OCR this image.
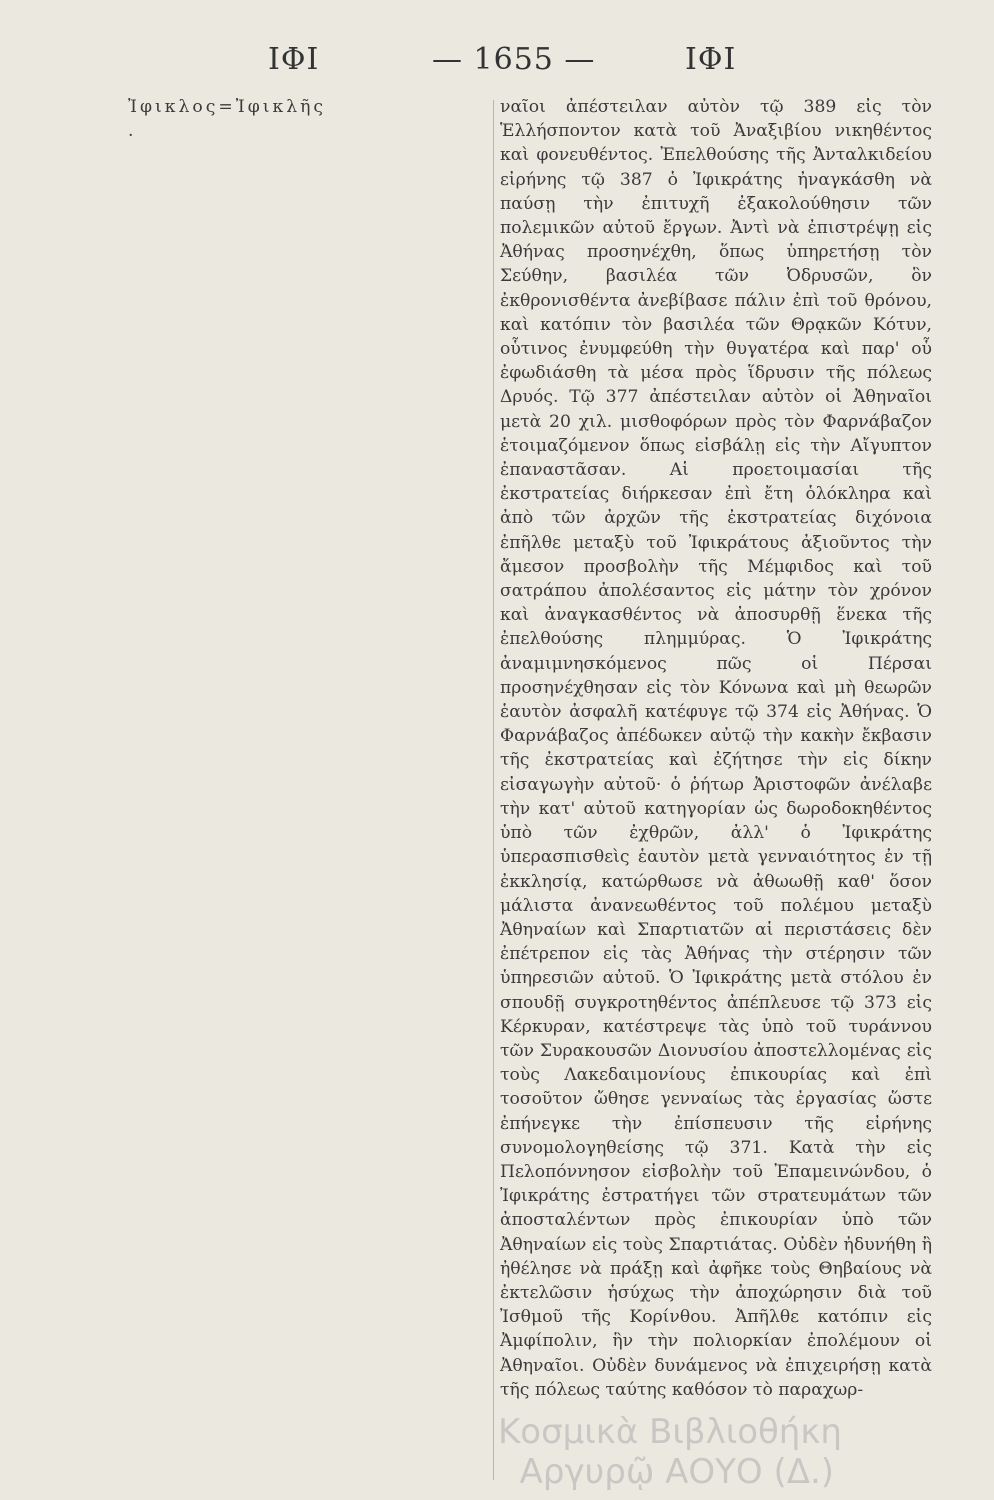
ΙΦΙ	— 1655 —	ΙΦΙ

Ἰφικλος=Ἰφικλῆς

.

ναῖοι ἀπέστειλαν αὐτὸν τῷ 389 εἰς τὸν Ἑλλήσποντον κατὰ τοῦ Ἀναξιβίου νικηθέντος καὶ φονευθέντος. Ἐπελθούσης τῆς Ἀνταλκιδείου εἰρήνης τῷ 387 ὁ Ἰφικράτης ἠναγκάσθη νὰ παύσῃ τὴν ἐπιτυχῆ ἐξακολούθησιν τῶν πολεμικῶν αὐτοῦ ἔργων. Ἀντὶ νὰ ἐπιστρέψῃ εἰς Ἀθήνας προσηνέχθη, ὅπως ὑπηρετήσῃ τὸν Σεύθην, βασιλέα τῶν Ὀδρυσῶν, ὃν ἐκθρονισθέντα ἀνεβίβασε πάλιν ἐπὶ τοῦ θρόνου, καὶ κατόπιν τὸν βασιλέα τῶν Θρᾳκῶν Κότυν, οὗτινος ἐνυμφεύθη τὴν θυγατέρα καὶ παρ' οὗ ἐφωδιάσθη τὰ μέσα πρὸς ἵδρυσιν τῆς πόλεως Δρυός. Τῷ 377 ἀπέστειλαν αὐτὸν οἱ Ἀθηναῖοι μετὰ 20 χιλ. μισθοφόρων πρὸς τὸν Φαρνάβαζον ἑτοιμαζόμενον ὅπως εἰσβάλῃ εἰς τὴν Αἴγυπτον ἐπαναστᾶσαν. Αἱ προετοιμασίαι τῆς ἐκστρατείας διήρκεσαν ἐπὶ ἔτη ὁλόκληρα καὶ ἀπὸ τῶν ἀρχῶν τῆς ἐκστρατείας διχόνοια ἐπῆλθε μεταξὺ τοῦ Ἰφικράτους ἀξιοῦντος τὴν ἄμεσον προσβολὴν τῆς Μέμφιδος καὶ τοῦ σατράπου ἀπολέσαντος εἰς μάτην τὸν χρόνον καὶ ἀναγκασθέντος νὰ ἀποσυρθῇ ἕνεκα τῆς ἐπελθούσης πλημμύρας. Ὁ Ἰφικράτης ἀναμιμνησκόμενος πῶς οἱ Πέρσαι προσηνέχθησαν εἰς τὸν Κόνωνα καὶ μὴ θεωρῶν ἑαυτὸν ἀσφαλῆ κατέφυγε τῷ 374 εἰς Ἀθήνας. Ὁ Φαρνάβαζος ἀπέδωκεν αὐτῷ τὴν κακὴν ἔκβασιν τῆς ἐκστρατείας καὶ ἐζήτησε τὴν εἰς δίκην εἰσαγωγὴν αὐτοῦ· ὁ ῥήτωρ Ἀριστοφῶν ἀνέλαβε τὴν κατ' αὐτοῦ κατηγορίαν ὡς δωροδοκηθέντος ὑπὸ τῶν ἐχθρῶν, ἀλλ' ὁ Ἰφικράτης ὑπερασπισθεὶς ἑαυτὸν μετὰ γενναιότητος ἐν τῇ ἐκκλησίᾳ, κατώρθωσε νὰ ἀθωωθῇ καθ' ὅσον μάλιστα ἀνανεωθέντος τοῦ πολέμου μεταξὺ Ἀθηναίων καὶ Σπαρτιατῶν αἱ περιστάσεις δὲν ἐπέτρεπον εἰς τὰς Ἀθήνας τὴν στέρησιν τῶν ὑπηρεσιῶν αὐτοῦ. Ὁ Ἰφικράτης μετὰ στόλου ἐν σπουδῇ συγκροτηθέντος ἀπέπλευσε τῷ 373 εἰς Κέρκυραν, κατέστρεψε τὰς ὑπὸ τοῦ τυράννου τῶν Συρακουσῶν Διονυσίου ἀποστελλομένας εἰς τοὺς Λακεδαιμονίους ἐπικουρίας καὶ ἐπὶ τοσοῦτον ὤθησε γενναίως τὰς ἐργασίας ὥστε ἐπήνεγκε τὴν ἐπίσπευσιν τῆς εἰρήνης συνομολογηθείσης τῷ 371. Κατὰ τὴν εἰς Πελοπόννησον εἰσβολὴν τοῦ Ἐπαμεινώνδου, ὁ Ἰφικράτης ἐστρατήγει τῶν στρατευμάτων τῶν ἀποσταλέντων πρὸς ἐπικουρίαν ὑπὸ τῶν Ἀθηναίων εἰς τοὺς Σπαρτιάτας. Οὐδὲν ἠδυνήθη ἢ ἠθέλησε νὰ πράξῃ καὶ ἀφῆκε τοὺς Θηβαίους νὰ ἐκτελῶσιν ἡσύχως τὴν ἀποχώρησιν διὰ τοῦ Ἰσθμοῦ τῆς Κορίνθου. Ἀπῆλθε κατόπιν εἰς Ἀμφίπολιν, ἣν τὴν πολιορκίαν ἐπολέμουν οἱ Ἀθηναῖοι. Οὐδὲν δυνάμενος νὰ ἐπιχειρήσῃ κατὰ τῆς πόλεως ταύτης καθόσον τὸ παραχωρ-

Κοσμικὰ Βιβλιοθήκη
Αργυρῷ ΑΟΥΟ (Δ.)
